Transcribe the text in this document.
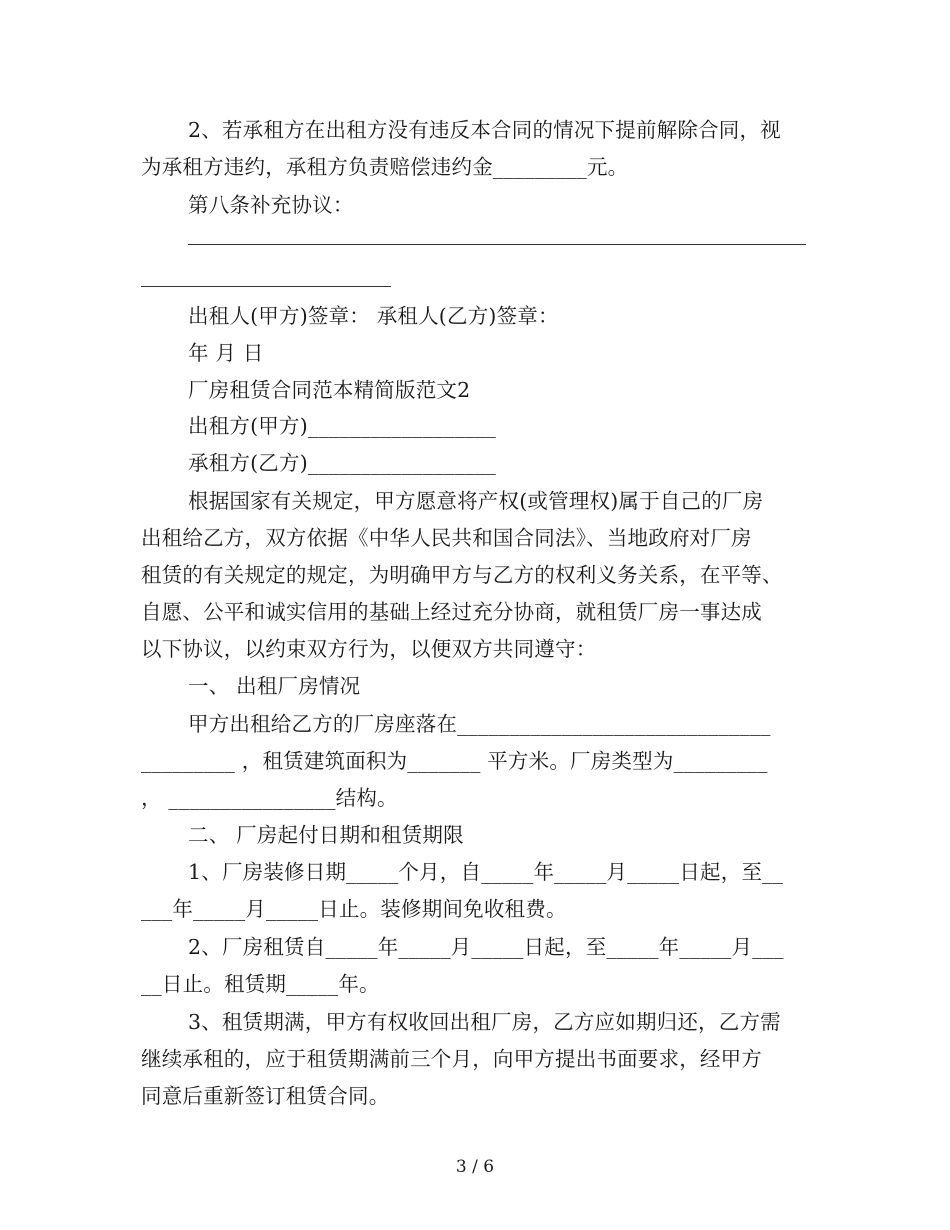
2、若承租方在出租方没有违反本合同的情况下提前解除合同，视
为承租方违约，承租方负责赔偿违约金_________元。
第八条补充协议：
出租人(甲方)签章： 承租人(乙方)签章：
年 月 日
厂房租赁合同范本精简版范文2
出租方(甲方)__________________
承租方(乙方)__________________
根据国家有关规定，甲方愿意将产权(或管理权)属于自己的厂房
出租给乙方，双方依据《中华人民共和国合同法》、当地政府对厂房
租赁的有关规定的规定，为明确甲方与乙方的权利义务关系，在平等、
自愿、公平和诚实信用的基础上经过充分协商，就租赁厂房一事达成
以下协议，以约束双方行为，以便双方共同遵守：
一、 出租厂房情况
甲方出租给乙方的厂房座落在______________________________
_________ ，租赁建筑面积为_______ 平方米。厂房类型为_________
， ________________结构。
二、 厂房起付日期和租赁期限
1、厂房装修日期_____个月，自_____年_____月_____日起，至__
___年_____月_____日止。装修期间免收租费。
2、厂房租赁自_____年_____月_____日起，至_____年_____月___
__日止。租赁期_____年。
3、租赁期满，甲方有权收回出租厂房，乙方应如期归还，乙方需
继续承租的，应于租赁期满前三个月，向甲方提出书面要求，经甲方
同意后重新签订租赁合同。
3 / 6
